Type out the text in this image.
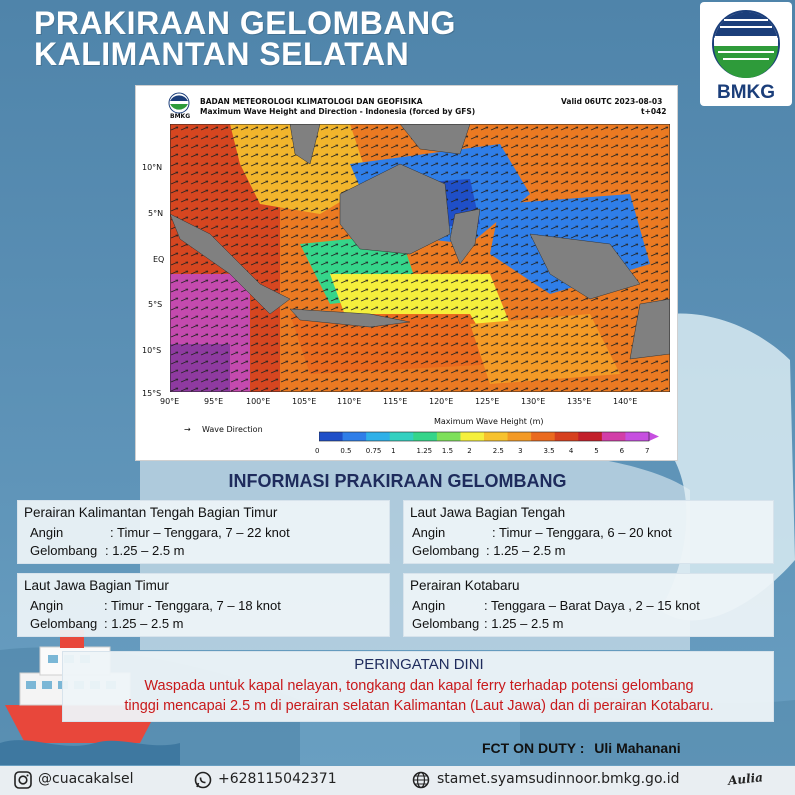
PRAKIRAAN GELOMBANG
KALIMANTAN SELATAN
BMKG
BMKG
BADAN METEOROLOGI KLIMATOLOGI DAN GEOFISIKA
Maximum Wave Height and Direction - Indonesia (forced by GFS)
Valid 06UTC 2023-08-03
t+042
10°N
5°N
EQ
5°S
10°S
15°S
90°E	95°E	100°E	105°E	110°E	115°E	120°E	125°E	130°E	135°E	140°E
→ Wave Direction
Maximum Wave Height (m)
0	0.5 0.75 1	1.25 1.5 2	2.5 3	3.5 4	5	6	7
INFORMASI PRAKIRAAN GELOMBANG
Perairan Kalimantan Tengah Bagian Timur
Angin	: Timur – Tenggara, 7 – 22 knot
Gelombang : 1.25 – 2.5 m
Laut Jawa Bagian Tengah
Angin	: Timur – Tenggara, 6 – 20 knot
Gelombang : 1.25 – 2.5 m
Laut Jawa Bagian Timur
Angin	: Timur - Tenggara, 7 – 18 knot
Gelombang : 1.25 – 2.5 m
Perairan Kotabaru
Angin	: Tenggara – Barat Daya , 2 – 15 knot
Gelombang : 1.25 – 2.5 m
PERINGATAN DINI

Waspada untuk kapal nelayan, tongkang dan kapal ferry terhadap potensi gelombang
tinggi mencapai 2.5 m di perairan selatan Kalimantan (Laut Jawa) dan di perairan Kotabaru.

FCT ON DUTY : Uli Mahanani
@cuacakalsel	+628115042371	stamet.syamsudinnoor.bmkg.go.id	Aulia
